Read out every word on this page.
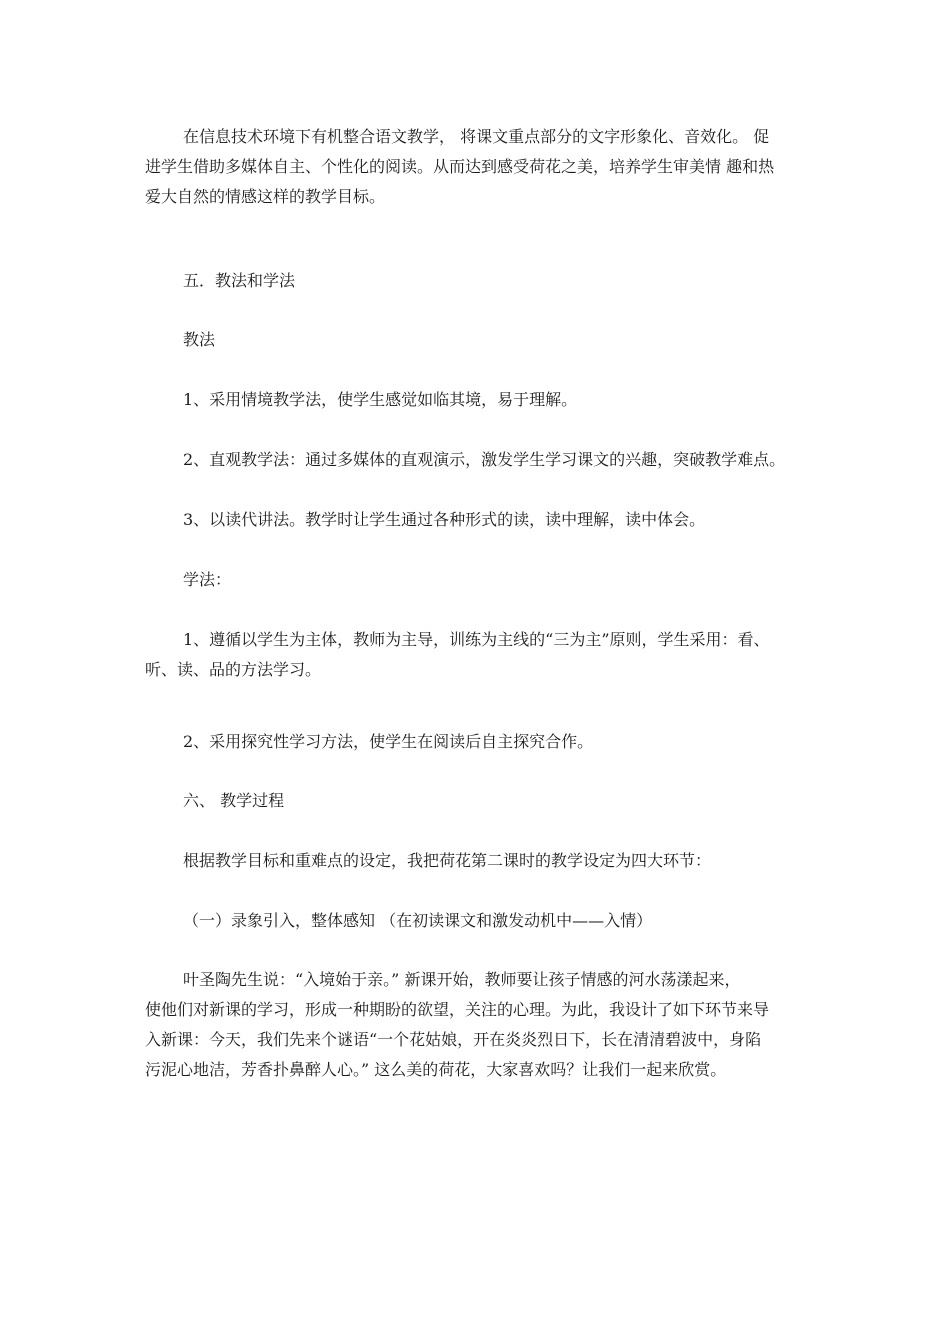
在信息技术环境下有机整合语文教学， 将课文重点部分的文字形象化、音效化。 促
进学生借助多媒体自主、个性化的阅读。从而达到感受荷花之美，培养学生审美情 趣和热
爱大自然的情感这样的教学目标。

五．教法和学法

教法

1、采用情境教学法，使学生感觉如临其境，易于理解。

2、直观教学法：通过多媒体的直观演示，激发学生学习课文的兴趣，突破教学难点。

3、以读代讲法。教学时让学生通过各种形式的读，读中理解，读中体会。

学法：

1、遵循以学生为主体，教师为主导，训练为主线的“三为主”原则，学生采用：看、
听、读、品的方法学习。

2、采用探究性学习方法，使学生在阅读后自主探究合作。

六、 教学过程

根据教学目标和重难点的设定，我把荷花第二课时的教学设定为四大环节：

（一）录象引入，整体感知 （在初读课文和激发动机中——入情）

叶圣陶先生说：“入境始于亲。” 新课开始，教师要让孩子情感的河水荡漾起来，
使他们对新课的学习，形成一种期盼的欲望，关注的心理。为此，我设计了如下环节来导
入新课：今天，我们先来个谜语“一个花姑娘，开在炎炎烈日下，长在清清碧波中，身陷
污泥心地洁，芳香扑鼻醉人心。” 这么美的荷花，大家喜欢吗？让我们一起来欣赏。
